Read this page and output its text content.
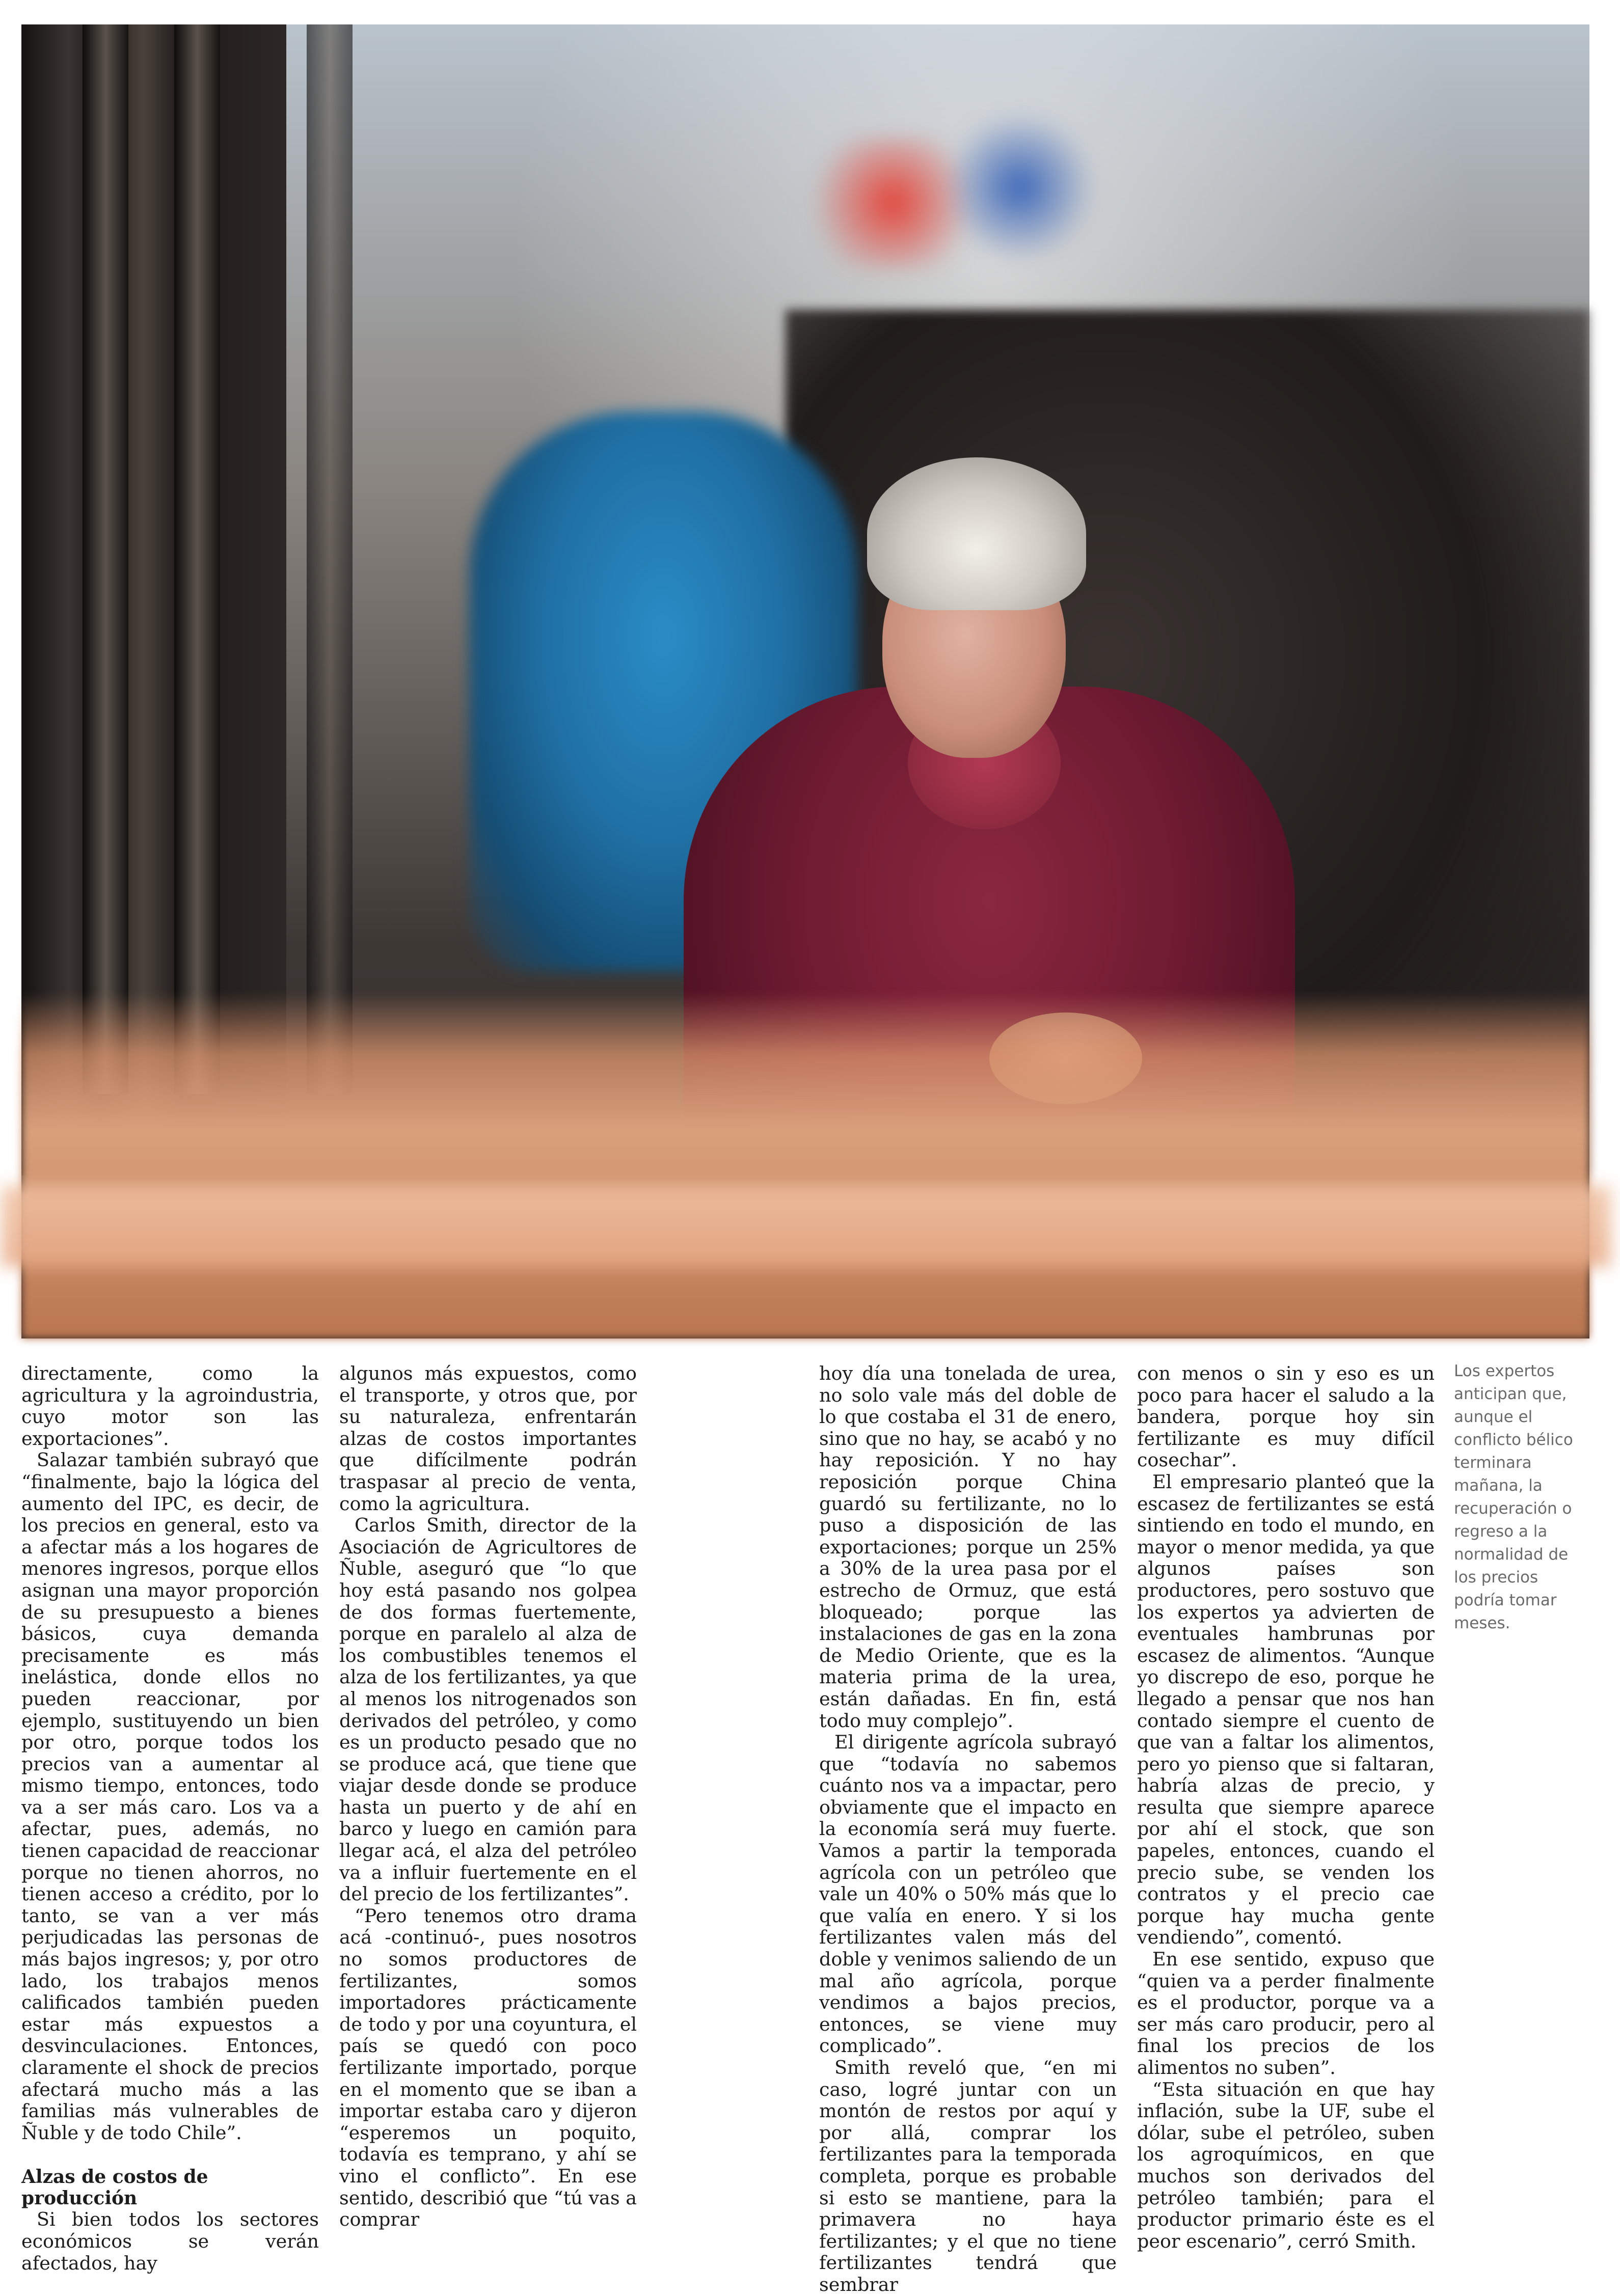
directamente, como la agricultura y la agroindustria, cuyo motor son las exportaciones”.

Salazar también subrayó que “finalmente, bajo la lógica del aumento del IPC, es decir, de los precios en general, esto va a afectar más a los hogares de menores ingresos, porque ellos asignan una mayor proporción de su presupuesto a bienes básicos, cuya demanda precisamente es más inelástica, donde ellos no pueden reaccionar, por ejemplo, sustituyendo un bien por otro, porque todos los precios van a aumentar al mismo tiempo, entonces, todo va a ser más caro. Los va a afectar, pues, además, no tienen capacidad de reaccionar porque no tienen ahorros, no tienen acceso a crédito, por lo tanto, se van a ver más perjudicadas las personas de más bajos ingresos; y, por otro lado, los trabajos menos calificados también pueden estar más expuestos a desvinculaciones. Entonces, claramente el shock de precios afectará mucho más a las familias más vulnerables de Ñuble y de todo Chile”.

Alzas de costos de producción

Si bien todos los sectores económicos se verán afectados, hay

algunos más expuestos, como el transporte, y otros que, por su naturaleza, enfrentarán alzas de costos importantes que difícilmente podrán traspasar al precio de venta, como la agricultura.

Carlos Smith, director de la Asociación de Agricultores de Ñuble, aseguró que “lo que hoy está pasando nos golpea de dos formas fuertemente, porque en paralelo al alza de los combustibles tenemos el alza de los fertilizantes, ya que al menos los nitrogenados son derivados del petróleo, y como es un producto pesado que no se produce acá, que tiene que viajar desde donde se produce hasta un puerto y de ahí en barco y luego en camión para llegar acá, el alza del petróleo va a influir fuertemente en el del precio de los fertilizantes”.

“Pero tenemos otro drama acá -continuó-, pues nosotros no somos productores de fertilizantes, somos importadores prácticamente de todo y por una coyuntura, el país se quedó con poco fertilizante importado, porque en el momento que se iban a importar estaba caro y dijeron “esperemos un poquito, todavía es temprano, y ahí se vino el conflicto”. En ese sentido, describió que “tú vas a comprar

hoy día una tonelada de urea, no solo vale más del doble de lo que costaba el 31 de enero, sino que no hay, se acabó y no hay reposición. Y no hay reposición porque China guardó su fertilizante, no lo puso a disposición de las exportaciones; porque un 25% a 30% de la urea pasa por el estrecho de Ormuz, que está bloqueado; porque las instalaciones de gas en la zona de Medio Oriente, que es la materia prima de la urea, están dañadas. En fin, está todo muy complejo”.

El dirigente agrícola subrayó que “todavía no sabemos cuánto nos va a impactar, pero obviamente que el impacto en la economía será muy fuerte. Vamos a partir la temporada agrícola con un petróleo que vale un 40% o 50% más que lo que valía en enero. Y si los fertilizantes valen más del doble y venimos saliendo de un mal año agrícola, porque vendimos a bajos precios, entonces, se viene muy complicado”.

Smith reveló que, “en mi caso, logré juntar con un montón de restos por aquí y por allá, comprar los fertilizantes para la temporada completa, porque es probable si esto se mantiene, para la primavera no haya fertilizantes; y el que no tiene fertilizantes tendrá que sembrar

con menos o sin y eso es un poco para hacer el saludo a la bandera, porque hoy sin fertilizante es muy difícil cosechar”.

El empresario planteó que la escasez de fertilizantes se está sintiendo en todo el mundo, en mayor o menor medida, ya que algunos países son productores, pero sostuvo que los expertos ya advierten de eventuales hambrunas por escasez de alimentos. “Aunque yo discrepo de eso, porque he llegado a pensar que nos han contado siempre el cuento de que van a faltar los alimentos, pero yo pienso que si faltaran, habría alzas de precio, y resulta que siempre aparece por ahí el stock, que son papeles, entonces, cuando el precio sube, se venden los contratos y el precio cae porque hay mucha gente vendiendo”, comentó.

En ese sentido, expuso que “quien va a perder finalmente es el productor, porque va a ser más caro producir, pero al final los precios de los alimentos no suben”.

“Esta situación en que hay inflación, sube la UF, sube el dólar, sube el petróleo, suben los agroquímicos, en que muchos son derivados del petróleo también; para el productor primario éste es el peor escenario”, cerró Smith.

Los expertos anticipan que, aunque el conflicto bélico terminara mañana, la recuperación o regreso a la normalidad de los precios podría tomar meses.
